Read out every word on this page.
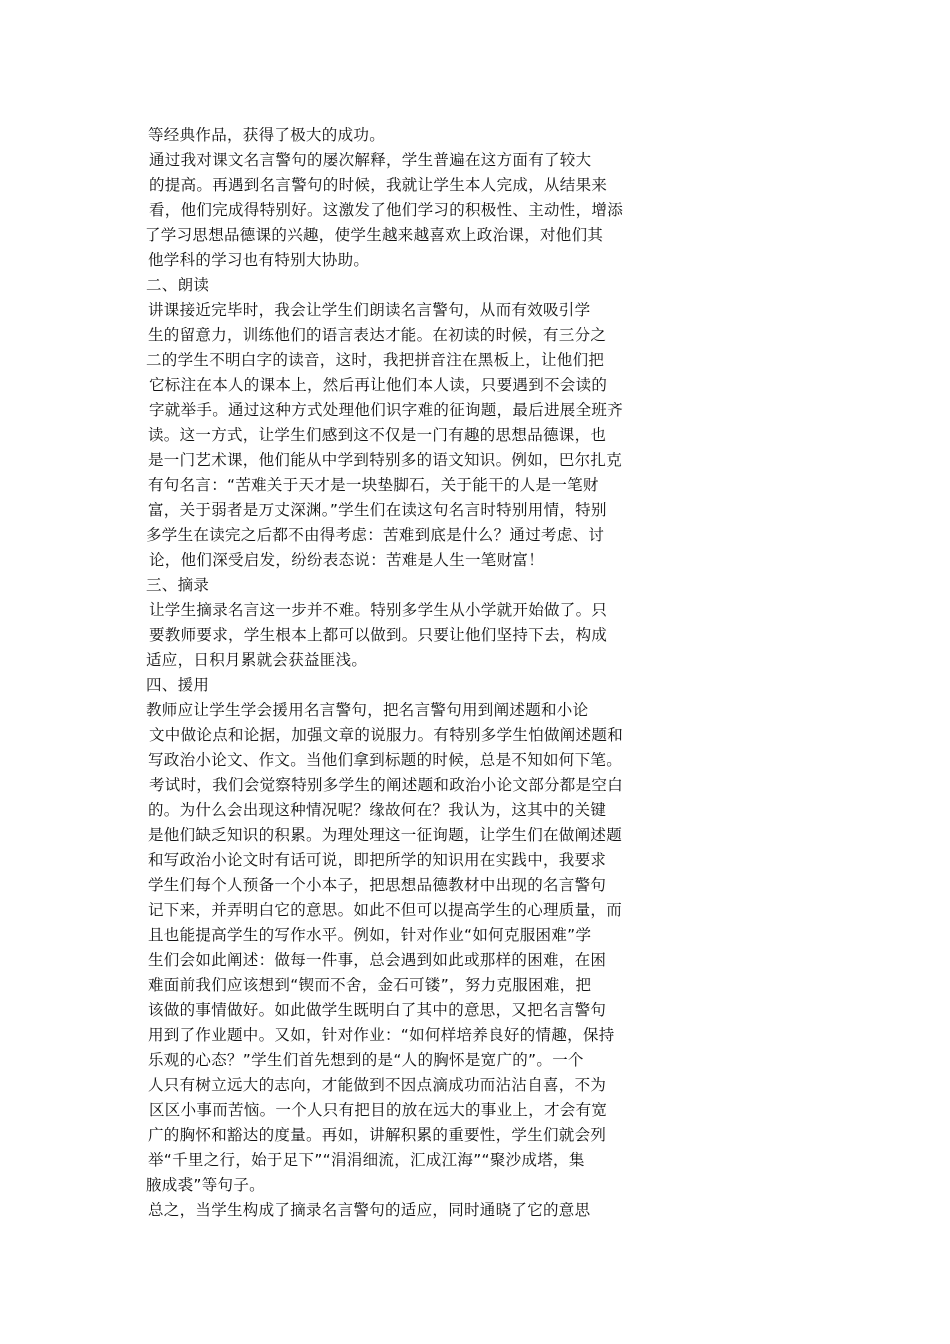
等经典作品，获得了极大的成功。
通过我对课文名言警句的屡次解释，学生普遍在这方面有了较大
的提高。再遇到名言警句的时候，我就让学生本人完成，从结果来
看，他们完成得特别好。这激发了他们学习的积极性、主动性，增添
了学习思想品德课的兴趣，使学生越来越喜欢上政治课，对他们其
他学科的学习也有特别大协助。
二、朗读
讲课接近完毕时，我会让学生们朗读名言警句，从而有效吸引学
生的留意力，训练他们的语言表达才能。在初读的时候，有三分之
二的学生不明白字的读音，这时，我把拼音注在黑板上，让他们把
它标注在本人的课本上，然后再让他们本人读，只要遇到不会读的
字就举手。通过这种方式处理他们识字难的征询题，最后进展全班齐
读。这一方式，让学生们感到这不仅是一门有趣的思想品德课，也
是一门艺术课，他们能从中学到特别多的语文知识。例如，巴尔扎克
有句名言：“苦难关于天才是一块垫脚石，关于能干的人是一笔财
富，关于弱者是万丈深渊。”学生们在读这句名言时特别用情，特别
多学生在读完之后都不由得考虑：苦难到底是什么？通过考虑、讨
论，他们深受启发，纷纷表态说：苦难是人生一笔财富！
三、摘录
让学生摘录名言这一步并不难。特别多学生从小学就开始做了。只
要教师要求，学生根本上都可以做到。只要让他们坚持下去，构成
适应，日积月累就会获益匪浅。
四、援用
教师应让学生学会援用名言警句，把名言警句用到阐述题和小论
文中做论点和论据，加强文章的说服力。有特别多学生怕做阐述题和
写政治小论文、作文。当他们拿到标题的时候，总是不知如何下笔。
考试时，我们会觉察特别多学生的阐述题和政治小论文部分都是空白
的。为什么会出现这种情况呢？缘故何在？我认为，这其中的关键
是他们缺乏知识的积累。为理处理这一征询题，让学生们在做阐述题
和写政治小论文时有话可说，即把所学的知识用在实践中，我要求
学生们每个人预备一个小本子，把思想品德教材中出现的名言警句
记下来，并弄明白它的意思。如此不但可以提高学生的心理质量，而
且也能提高学生的写作水平。例如，针对作业“如何克服困难”学
生们会如此阐述：做每一件事，总会遇到如此或那样的困难，在困
难面前我们应该想到“锲而不舍，金石可镂”，努力克服困难，把
该做的事情做好。如此做学生既明白了其中的意思，又把名言警句
用到了作业题中。又如，针对作业：“如何样培养良好的情趣，保持
乐观的心态？”学生们首先想到的是“人的胸怀是宽广的”。一个
人只有树立远大的志向，才能做到不因点滴成功而沾沾自喜，不为
区区小事而苦恼。一个人只有把目的放在远大的事业上，才会有宽
广的胸怀和豁达的度量。再如，讲解积累的重要性，学生们就会列
举“千里之行，始于足下”“涓涓细流，汇成江海”“聚沙成塔，集
腋成裘”等句子。
总之，当学生构成了摘录名言警句的适应，同时通晓了它的意思
